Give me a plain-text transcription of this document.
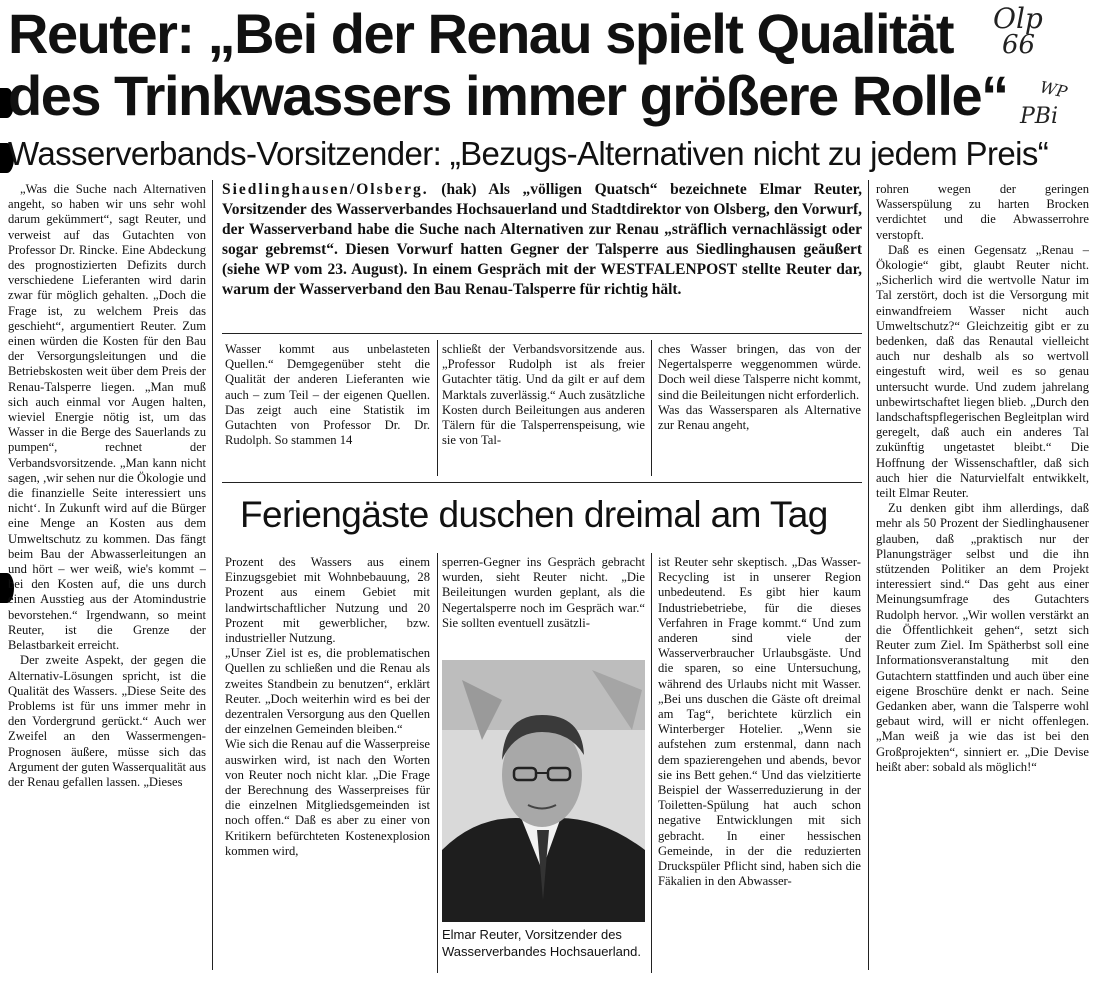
Reuter: „Bei der Renau spielt Qualität
des Trinkwassers immer größere Rolle“
Wasserverbands-Vorsitzender: „Bezugs-Alternativen nicht zu jedem Preis“
Olp
66
WP
PBi

„Was die Suche nach Alternativen angeht, so haben wir uns sehr wohl darum gekümmert“, sagt Reuter, und verweist auf das Gutachten von Professor Dr. Rincke. Eine Abdeckung des prognostizierten Defizits durch verschiedene Lieferanten wird darin zwar für möglich gehalten. „Doch die Frage ist, zu welchem Preis das geschieht“, argumentiert Reuter. Zum einen würden die Kosten für den Bau der Versorgungsleitungen und die Betriebskosten weit über dem Preis der Renau-Talsperre liegen. „Man muß sich auch einmal vor Augen halten, wieviel Energie nötig ist, um das Wasser in die Berge des Sauerlands zu pumpen“, rechnet der Verbandsvorsitzende. „Man kann nicht sagen, ,wir sehen nur die Ökologie und die finanzielle Seite interessiert uns nicht‘. In Zukunft wird auf die Bürger eine Menge an Kosten aus dem Umweltschutz zu kommen. Das fängt beim Bau der Abwasserleitungen an und hört – wer weiß, wie's kommt – bei den Kosten auf, die uns durch einen Ausstieg aus der Atomindustrie bevorstehen.“ Irgendwann, so meint Reuter, ist die Grenze der Belastbarkeit erreicht.

Der zweite Aspekt, der gegen die Alternativ-Lösungen spricht, ist die Qualität des Wassers. „Diese Seite des Problems ist für uns immer mehr in den Vordergrund gerückt.“ Auch wer Zweifel an den Wassermengen-Prognosen äußere, müsse sich das Argument der guten Wasserqualität aus der Renau gefallen lassen. „Dieses

Siedlinghausen/Olsberg. (hak) Als „völligen Quatsch“ bezeichnete Elmar Reuter, Vorsitzender des Wasserverbandes Hochsauerland und Stadtdirektor von Olsberg, den Vorwurf, der Wasserverband habe die Suche nach Alternativen zur Renau „sträflich vernachlässigt oder sogar gebremst“. Diesen Vorwurf hatten Gegner der Talsperre aus Siedlinghausen geäußert (siehe WP vom 23. August). In einem Gespräch mit der WESTFALENPOST stellte Reuter dar, warum der Wasserverband den Bau Renau-Talsperre für richtig hält.
Wasser kommt aus unbelasteten Quellen.“ Demgegenüber steht die Qualität der anderen Lieferanten wie auch – zum Teil – der eigenen Quellen. Das zeigt auch eine Statistik im Gutachten von Professor Dr. Dr. Rudolph. So stammen 14
schließt der Verbandsvorsitzende aus. „Professor Rudolph ist als freier Gutachter tätig. Und da gilt er auf dem Marktals zuverlässig.“ Auch zusätzliche Kosten durch Beileitungen aus anderen Tälern für die Talsperrenspeisung, wie sie von Tal-
ches Wasser bringen, das von der Negertalsperre weggenommen würde. Doch weil diese Talsperre nicht kommt, sind die Beileitungen nicht erforderlich.
Was das Wassersparen als Alternative zur Renau angeht,
Feriengäste duschen dreimal am Tag
Prozent des Wassers aus einem Einzugsgebiet mit Wohnbebauung, 28 Prozent aus einem Gebiet mit landwirtschaftlicher Nutzung und 20 Prozent mit gewerblicher, bzw. industrieller Nutzung.
„Unser Ziel ist es, die problematischen Quellen zu schließen und die Renau als zweites Standbein zu benutzen“, erklärt Reuter. „Doch weiterhin wird es bei der dezentralen Versorgung aus den Quellen der einzelnen Gemeinden bleiben.“
Wie sich die Renau auf die Wasserpreise auswirken wird, ist nach den Worten von Reuter noch nicht klar. „Die Frage der Berechnung des Wasserpreises für die einzelnen Mitgliedsgemeinden ist noch offen.“ Daß es aber zu einer von Kritikern befürchteten Kostenexplosion kommen wird,
sperren-Gegner ins Gespräch gebracht wurden, sieht Reuter nicht. „Die Beileitungen wurden geplant, als die Negertalsperre noch im Gespräch war.“ Sie sollten eventuell zusätzli-
ist Reuter sehr skeptisch. „Das Wasser-Recycling ist in unserer Region unbedeutend. Es gibt hier kaum Industriebetriebe, für die dieses Verfahren in Frage kommt.“ Und zum anderen sind viele der Wasserverbraucher Urlaubsgäste. Und die sparen, so eine Untersuchung, während des Urlaubs nicht mit Wasser. „Bei uns duschen die Gäste oft dreimal am Tag“, berichtete kürzlich ein Winterberger Hotelier. „Wenn sie aufstehen zum erstenmal, dann nach dem spazierengehen und abends, bevor sie ins Bett gehen.“ Und das vielzitierte Beispiel der Wasserreduzierung in der Toiletten-Spülung hat auch schon negative Entwicklungen mit sich gebracht. In einer hessischen Gemeinde, in der die reduzierten Druckspüler Pflicht sind, haben sich die Fäkalien in den Abwasser-
Elmar Reuter, Vorsitzender des Wasserverbandes Hochsauerland.

rohren wegen der geringen Wasserspülung zu harten Brocken verdichtet und die Abwasserrohre verstopft.

Daß es einen Gegensatz „Renau – Ökologie“ gibt, glaubt Reuter nicht. „Sicherlich wird die wertvolle Natur im Tal zerstört, doch ist die Versorgung mit einwandfreiem Wasser nicht auch Umweltschutz?“ Gleichzeitig gibt er zu bedenken, daß das Renautal vielleicht auch nur deshalb als so wertvoll eingestuft wird, weil es so genau untersucht wurde. Und zudem jahrelang unbewirtschaftet liegen blieb. „Durch den landschaftspflegerischen Begleitplan wird geregelt, daß auch ein anderes Tal zukünftig ungetastet bleibt.“ Die Hoffnung der Wissenschaftler, daß sich auch hier die Naturvielfalt entwikkelt, teilt Elmar Reuter.

Zu denken gibt ihm allerdings, daß mehr als 50 Prozent der Siedlinghausener glauben, daß „praktisch nur der Planungsträger selbst und die ihn stützenden Politiker an dem Projekt interessiert sind.“ Das geht aus einer Meinungsumfrage des Gutachters Rudolph hervor. „Wir wollen verstärkt an die Öffentlichkeit gehen“, setzt sich Reuter zum Ziel. Im Spätherbst soll eine Informationsveranstaltung mit den Gutachtern stattfinden und auch über eine eigene Broschüre denkt er nach. Seine Gedanken aber, wann die Talsperre wohl gebaut wird, will er nicht offenlegen. „Man weiß ja wie das ist bei den Großprojekten“, sinniert er. „Die Devise heißt aber: sobald als möglich!“
